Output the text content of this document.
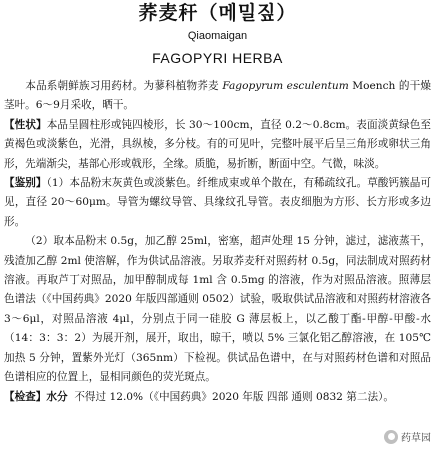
荞麦秆（메밀짚）
Qiaomaigan
FAGOPYRI HERBA

本品系朝鲜族习用药材。为蓼科植物荞麦 Fagopyrum esculentum Moench 的干燥茎叶。6～9月采收，晒干。

【性状】本品呈圆柱形或钝四棱形，长 30～100cm，直径 0.2～0.8cm。表面淡黄绿色至黄褐色或淡紫色，光滑，具纵棱，多分枝。有的可见叶，完整叶展平后呈三角形或卵状三角形，先端渐尖，基部心形或戟形，全缘。质脆，易折断，断面中空。气微，味淡。

【鉴别】（1）本品粉末灰黄色或淡紫色。纤维成束或单个散在，有稀疏纹孔。草酸钙簇晶可见，直径 20～60μm。导管为螺纹导管、具缘纹孔导管。表皮细胞为方形、长方形或多边形。

（2）取本品粉末 0.5g，加乙醇 25ml，密塞，超声处理 15 分钟，滤过，滤液蒸干，残渣加乙醇 2ml 使溶解，作为供试品溶液。另取荞麦秆对照药材 0.5g，同法制成对照药材溶液。再取芦丁对照品，加甲醇制成每 1ml 含 0.5mg 的溶液，作为对照品溶液。照薄层色谱法（《中国药典》2020 年版四部通则 0502）试验，吸取供试品溶液和对照药材溶液各 3～6μl，对照品溶液 4μl，分别点于同一硅胶 G 薄层板上，以乙酸丁酯-甲醇-甲酸-水（14：3：3：2）为展开剂，展开，取出，晾干，喷以 5% 三氯化铝乙醇溶液，在 105℃加热 5 分钟，置紫外光灯（365nm）下检视。供试品色谱中，在与对照药材色谱和对照品色谱相应的位置上，显相同颜色的荧光斑点。

【检查】水分 不得过 12.0%（《中国药典》2020 年版 四部 通则 0832 第二法）。

药草园
